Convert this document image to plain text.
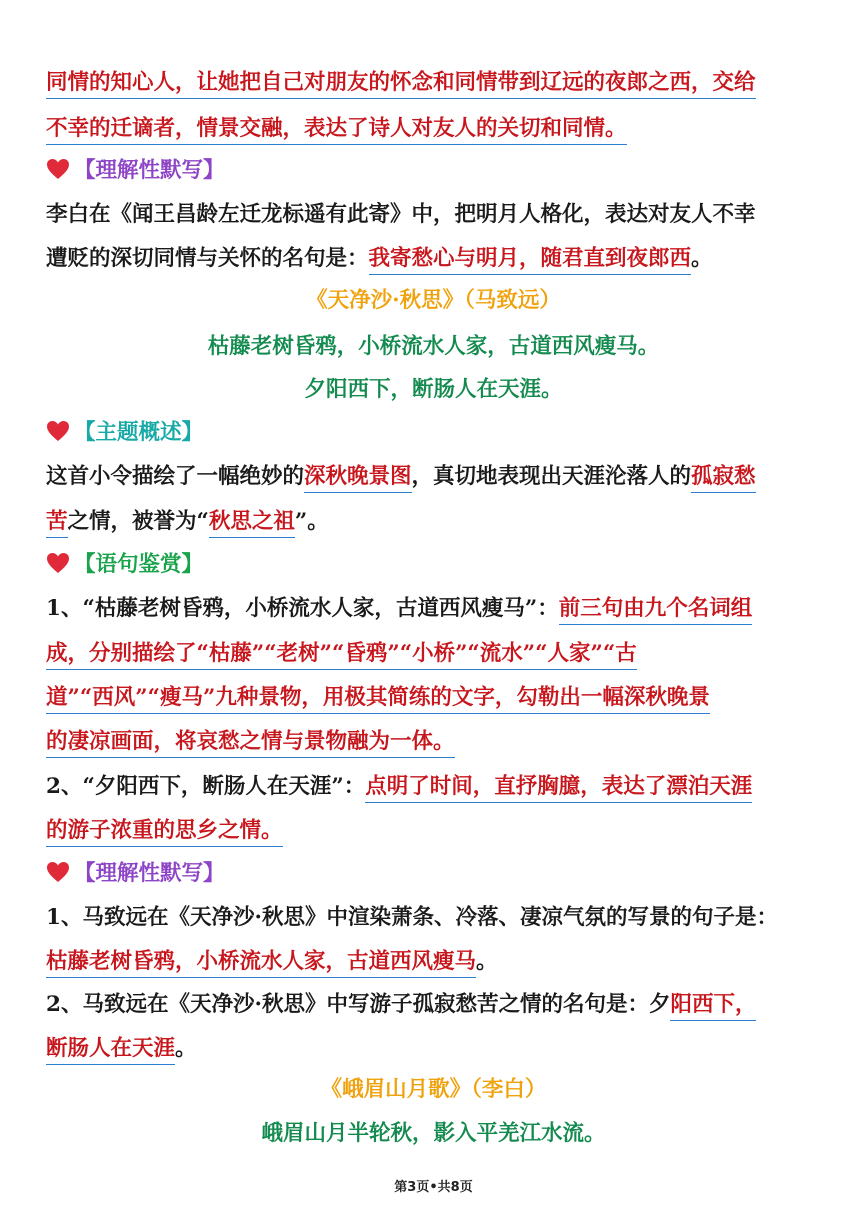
同情的知心人，让她把自己对朋友的怀念和同情带到辽远的夜郎之西，交给
不幸的迁谪者，情景交融，表达了诗人对友人的关切和同情。
【理解性默写】
李白在《闻王昌龄左迁龙标遥有此寄》中，把明月人格化，表达对友人不幸
遭贬的深切同情与关怀的名句是：我寄愁心与明月，随君直到夜郎西。
《天净沙·秋思》（马致远）
枯藤老树昏鸦，小桥流水人家，古道西风瘦马。
夕阳西下，断肠人在天涯。
【主题概述】
这首小令描绘了一幅绝妙的深秋晚景图，真切地表现出天涯沦落人的孤寂愁
苦之情，被誉为“秋思之祖”。
【语句鉴赏】
1、“枯藤老树昏鸦，小桥流水人家，古道西风瘦马”：前三句由九个名词组
成，分别描绘了“枯藤”“老树”“昏鸦”“小桥”“流水”“人家”“古
道”“西风”“瘦马”九种景物，用极其简练的文字，勾勒出一幅深秋晚景
的凄凉画面，将哀愁之情与景物融为一体。
2、“夕阳西下，断肠人在天涯”：点明了时间，直抒胸臆，表达了漂泊天涯
的游子浓重的思乡之情。
【理解性默写】
1、马致远在《天净沙·秋思》中渲染萧条、冷落、凄凉气氛的写景的句子是：
枯藤老树昏鸦，小桥流水人家，古道西风瘦马。
2、马致远在《天净沙·秋思》中写游子孤寂愁苦之情的名句是：夕阳西下，
断肠人在天涯。
《峨眉山月歌》（李白）
峨眉山月半轮秋，影入平羌江水流。
第3页•共8页
